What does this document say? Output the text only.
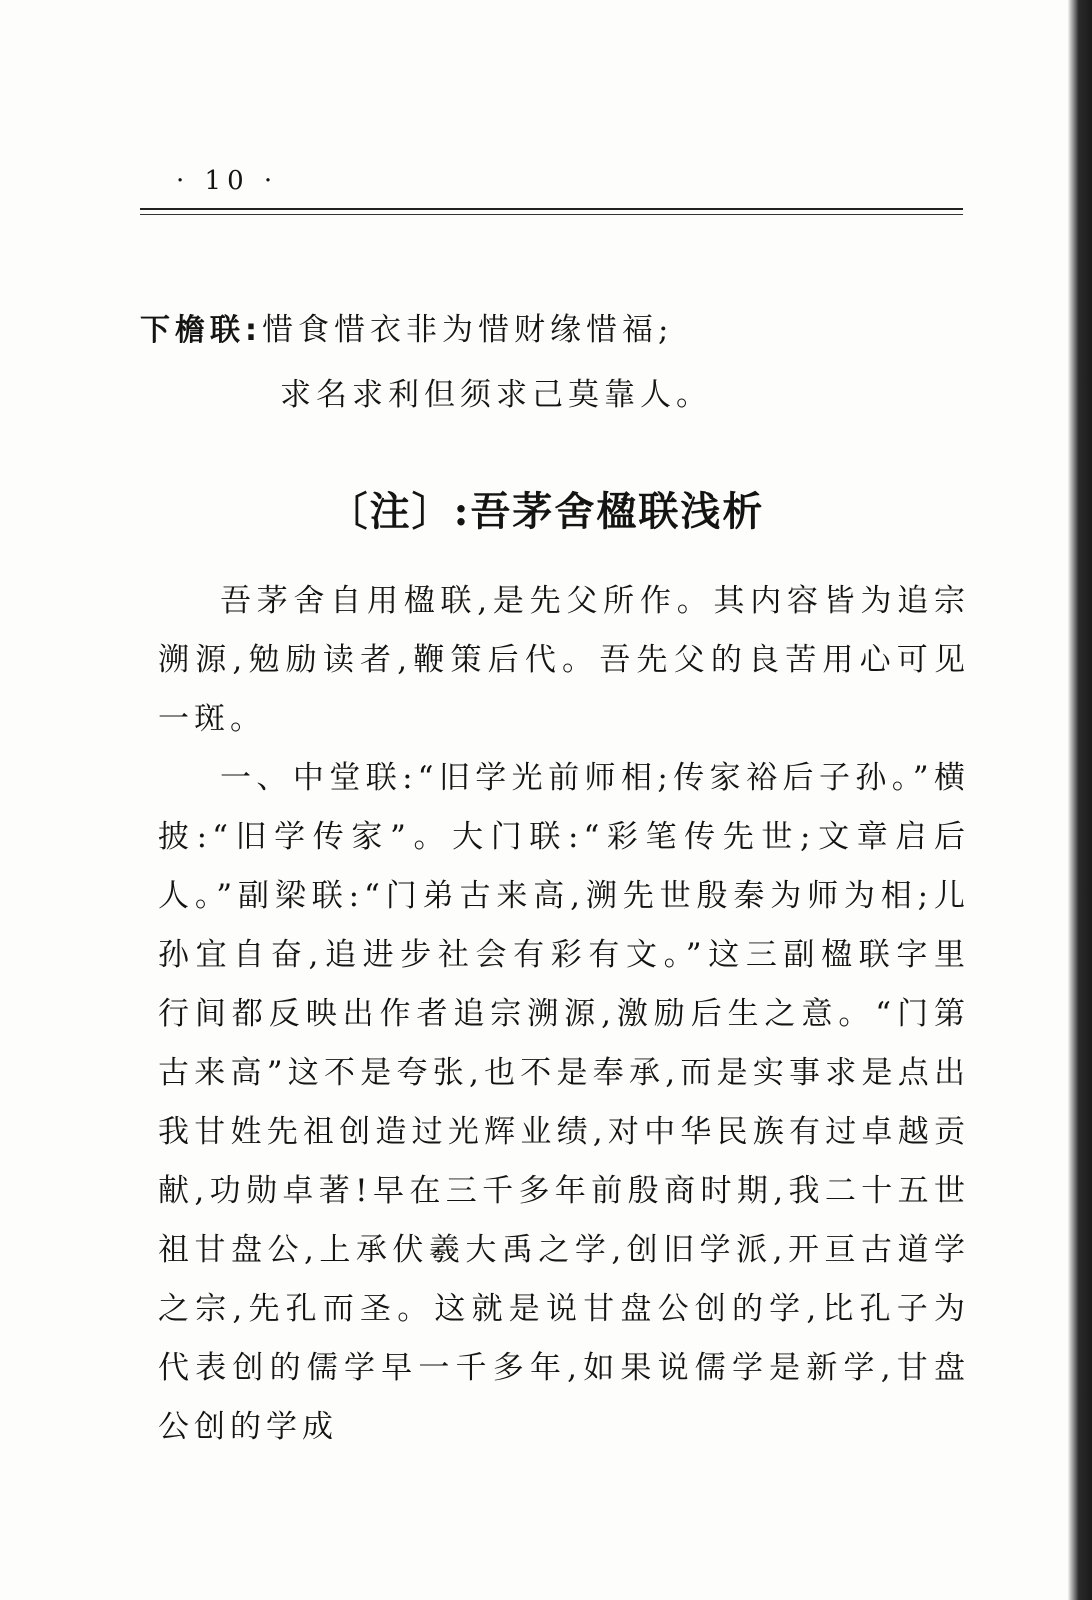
· 10 ·
下檐联:惜食惜衣非为惜财缘惜福;
求名求利但须求己莫靠人。
〔注〕:吾茅舍楹联浅析

吾茅舍自用楹联,是先父所作。其内容皆为追宗溯源,勉励读者,鞭策后代。吾先父的良苦用心可见一斑。

一、中堂联:“旧学光前师相;传家裕后子孙。”横披:“旧学传家”。大门联:“彩笔传先世;文章启后人。”副梁联:“门弟古来高,溯先世殷秦为师为相;儿孙宜自奋,追进步社会有彩有文。”这三副楹联字里行间都反映出作者追宗溯源,激励后生之意。“门第古来高”这不是夸张,也不是奉承,而是实事求是点出我甘姓先祖创造过光辉业绩,对中华民族有过卓越贡献,功勋卓著!早在三千多年前殷商时期,我二十五世祖甘盘公,上承伏羲大禹之学,创旧学派,开亘古道学之宗,先孔而圣。这就是说甘盘公创的学,比孔子为代表创的儒学早一千多年,如果说儒学是新学,甘盘公创的学成
